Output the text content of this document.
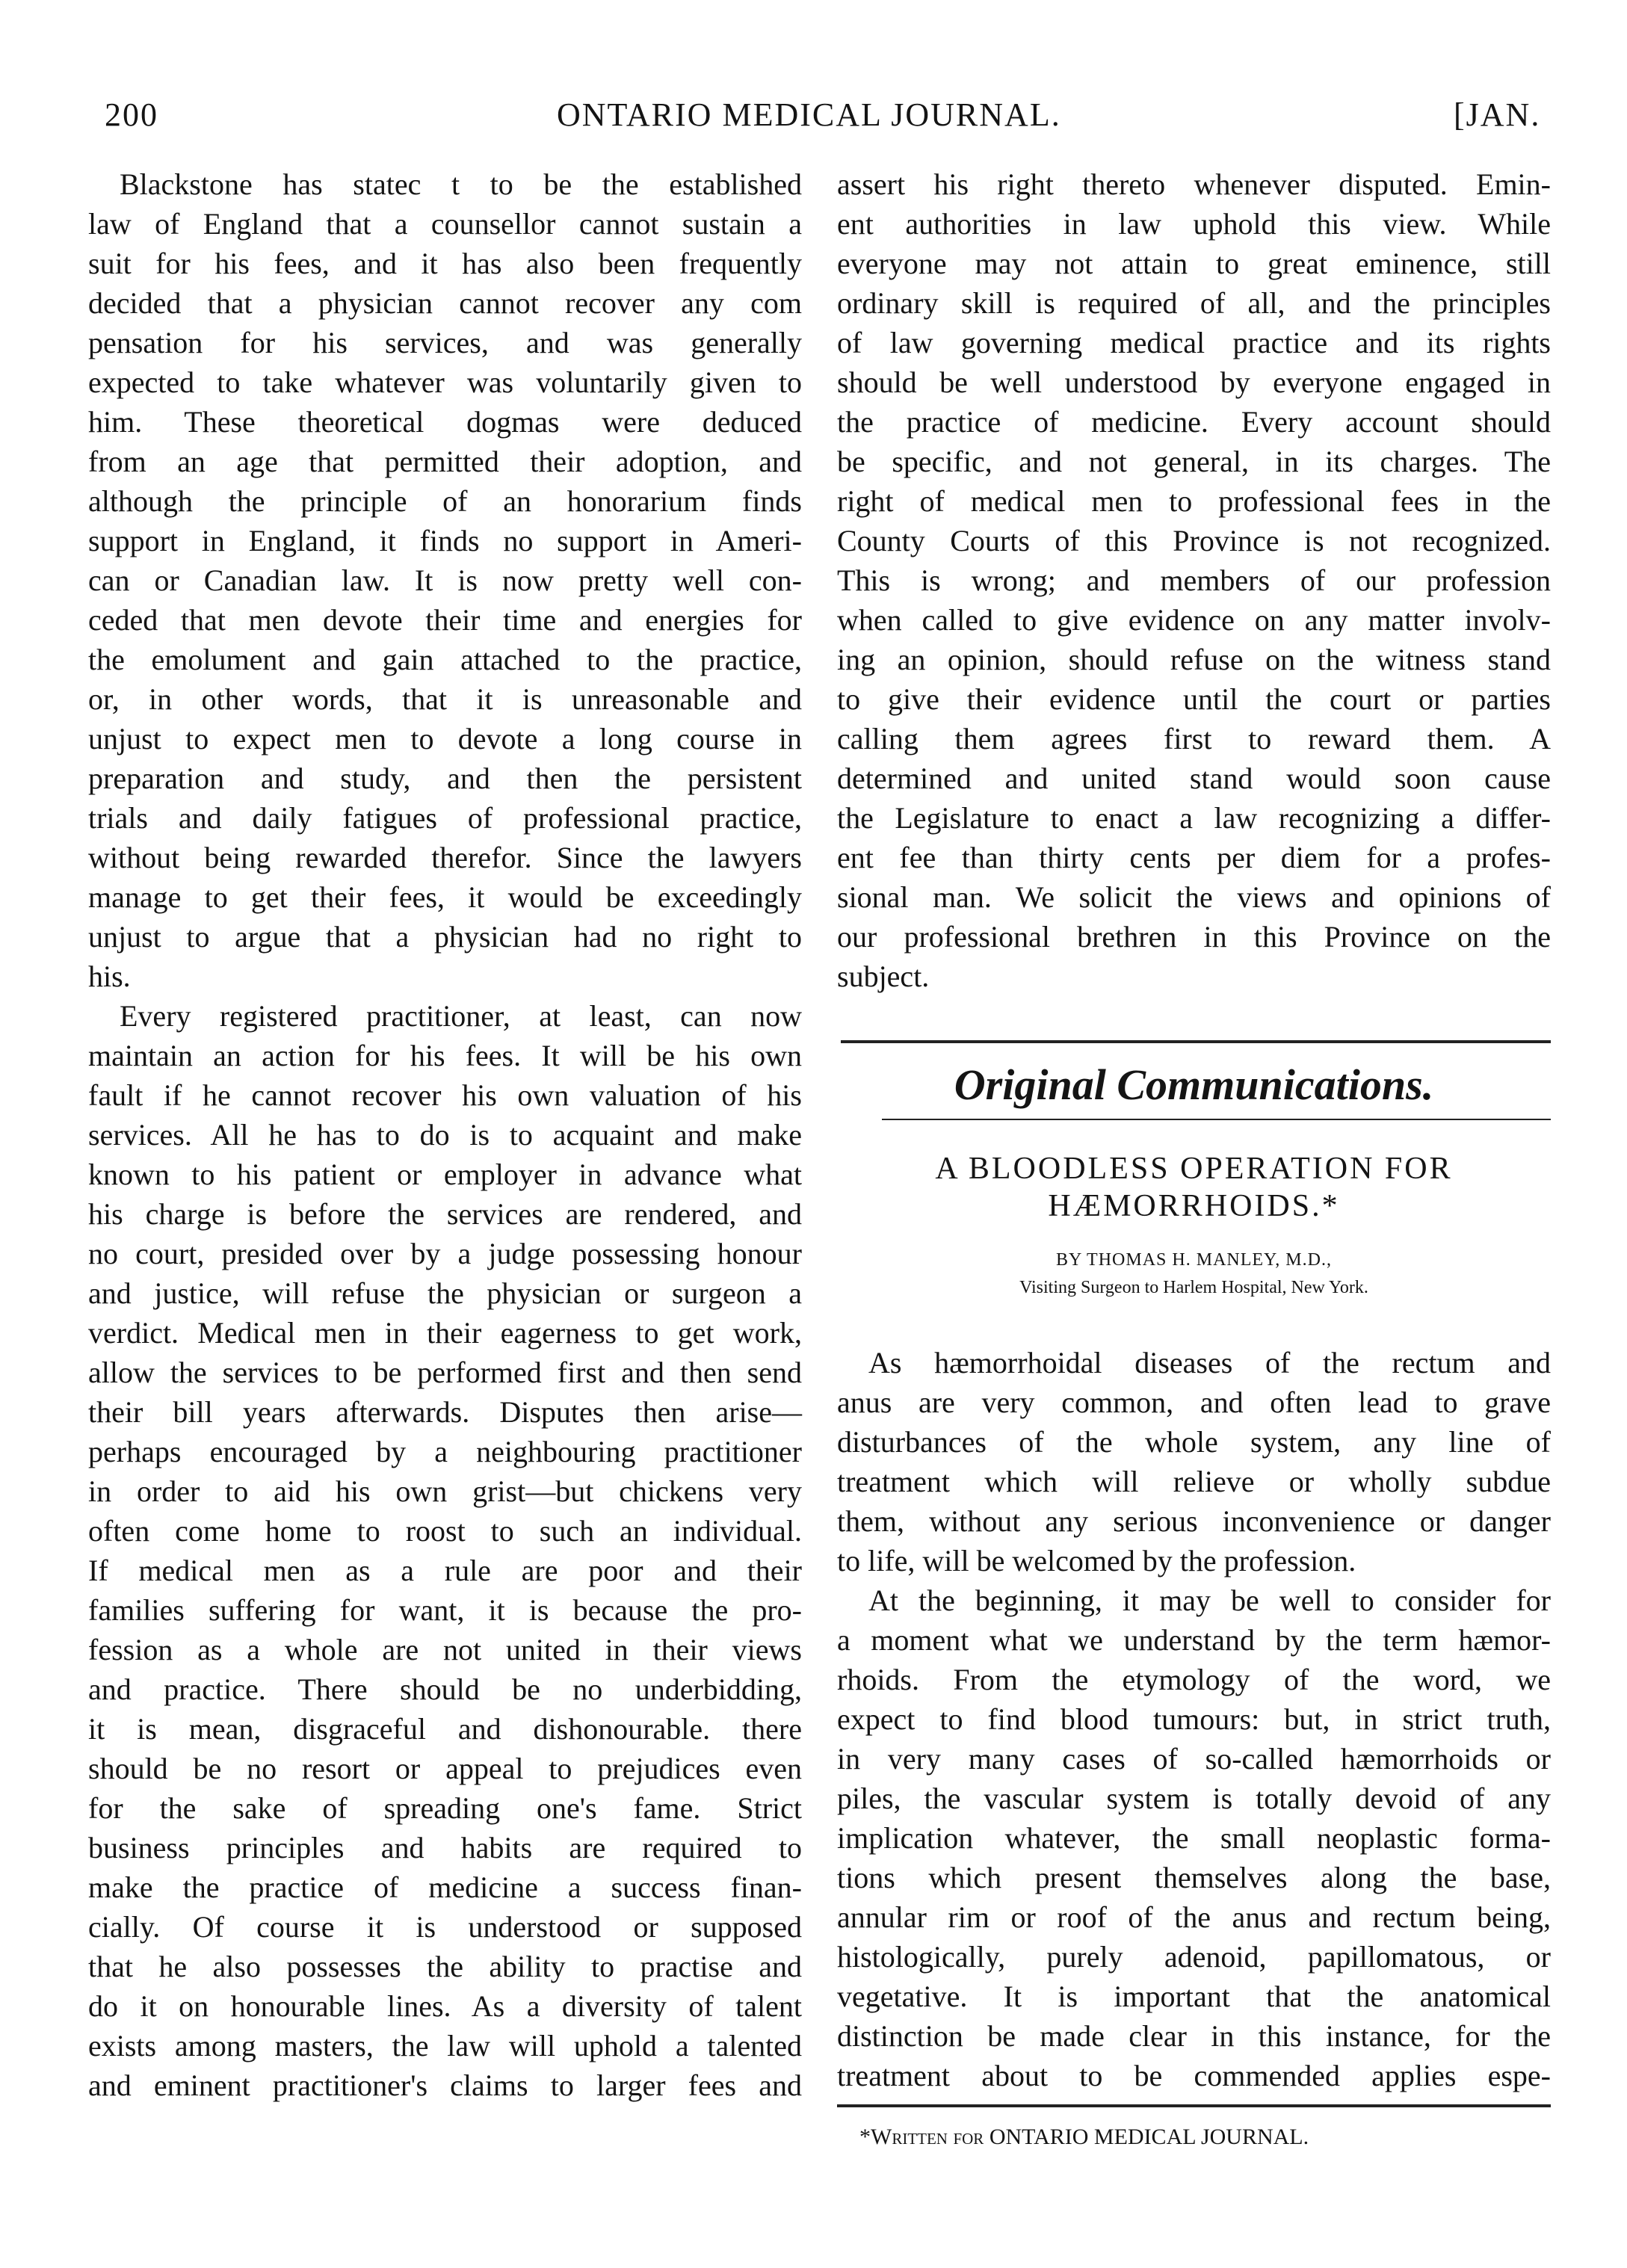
200	ONTARIO MEDICAL JOURNAL.	[JAN.
Blackstone has statec t to be the established
law of England that a counsellor cannot sustain a
suit for his fees, and it has also been frequently
decided that a physician cannot recover any com
pensation for his services, and was generally
expected to take whatever was voluntarily given to
him. These theoretical dogmas were deduced
from an age that permitted their adoption, and
although the principle of an honorarium finds
support in England, it finds no support in Ameri-
can or Canadian law. It is now pretty well con-
ceded that men devote their time and energies for
the emolument and gain attached to the practice,
or, in other words, that it is unreasonable and
unjust to expect men to devote a long course in
preparation and study, and then the persistent
trials and daily fatigues of professional practice,
without being rewarded therefor. Since the lawyers
manage to get their fees, it would be exceedingly
unjust to argue that a physician had no right to
his.
Every registered practitioner, at least, can now
maintain an action for his fees. It will be his own
fault if he cannot recover his own valuation of his
services. All he has to do is to acquaint and make
known to his patient or employer in advance what
his charge is before the services are rendered, and
no court, presided over by a judge possessing honour
and justice, will refuse the physician or surgeon a
verdict. Medical men in their eagerness to get work,
allow the services to be performed first and then send
their bill years afterwards. Disputes then arise—
perhaps encouraged by a neighbouring practitioner
in order to aid his own grist—but chickens very
often come home to roost to such an individual.
If medical men as a rule are poor and their
families suffering for want, it is because the pro-
fession as a whole are not united in their views
and practice. There should be no underbidding,
it is mean, disgraceful and dishonourable. there
should be no resort or appeal to prejudices even
for the sake of spreading one's fame. Strict
business principles and habits are required to
make the practice of medicine a success finan-
cially. Of course it is understood or supposed
that he also possesses the ability to practise and
do it on honourable lines. As a diversity of talent
exists among masters, the law will uphold a talented
and eminent practitioner's claims to larger fees and
assert his right thereto whenever disputed. Emin-
ent authorities in law uphold this view. While
everyone may not attain to great eminence, still
ordinary skill is required of all, and the principles
of law governing medical practice and its rights
should be well understood by everyone engaged in
the practice of medicine. Every account should
be specific, and not general, in its charges. The
right of medical men to professional fees in the
County Courts of this Province is not recognized.
This is wrong; and members of our profession
when called to give evidence on any matter involv-
ing an opinion, should refuse on the witness stand
to give their evidence until the court or parties
calling them agrees first to reward them. A
determined and united stand would soon cause
the Legislature to enact a law recognizing a differ-
ent fee than thirty cents per diem for a profes-
sional man. We solicit the views and opinions of
our professional brethren in this Province on the
subject.
Original Communications.
A BLOODLESS OPERATION FOR
HÆMORRHOIDS.*
BY THOMAS H. MANLEY, M.D.,
Visiting Surgeon to Harlem Hospital, New York.
As hæmorrhoidal diseases of the rectum and
anus are very common, and often lead to grave
disturbances of the whole system, any line of
treatment which will relieve or wholly subdue
them, without any serious inconvenience or danger
to life, will be welcomed by the profession.
At the beginning, it may be well to consider for
a moment what we understand by the term hæmor-
rhoids. From the etymology of the word, we
expect to find blood tumours: but, in strict truth,
in very many cases of so-called hæmorrhoids or
piles, the vascular system is totally devoid of any
implication whatever, the small neoplastic forma-
tions which present themselves along the base,
annular rim or roof of the anus and rectum being,
histologically, purely adenoid, papillomatous, or
vegetative. It is important that the anatomical
distinction be made clear in this instance, for the
treatment about to be commended applies espe-
*Written for ONTARIO MEDICAL JOURNAL.
